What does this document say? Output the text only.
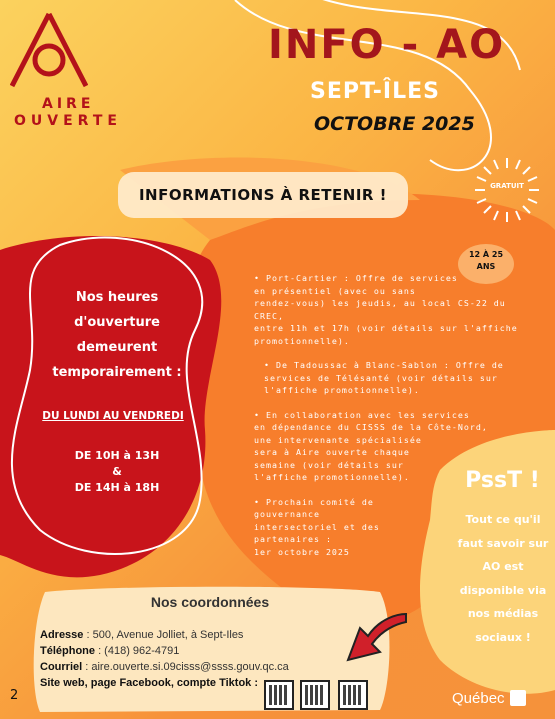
AIRE
OUVERTE
INFO - AO
SEPT-ÎLES
OCTOBRE 2025
GRATUIT
INFORMATIONS À RETENIR !
12 À 25
ANS
Nos heures
d'ouverture
demeurent
temporairement :
DU LUNDI AU VENDREDI
DE 10H à 13H
&
DE 14H à 18H
• Port-Cartier : Offre de services
en présentiel (avec ou sans
rendez-vous) les jeudis, au local CS-22 du CREC,
entre 11h et 17h (voir détails sur l'affiche
promotionnelle).
• De Tadoussac à Blanc-Sablon : Offre de
services de Télésanté (voir détails sur
l'affiche promotionnelle).
• En collaboration avec les services
en dépendance du CISSS de la Côte-Nord,
une intervenante spécialisée
sera à Aire ouverte chaque
semaine (voir détails sur
l'affiche promotionnelle).
• Prochain comité de
gouvernance
intersectoriel et des
partenaires :
1er octobre 2025
PssT !
Tout ce qu'il
faut savoir sur
AO est
disponible via
nos médias
sociaux !
Nos coordonnées
Adresse : 500, Avenue Jolliet, à Sept-Iles
Téléphone : (418) 962-4791
Courriel : aire.ouverte.si.09cisss@ssss.gouv.qc.ca
Site web, page Facebook, compte Tiktok :
2	Québec
